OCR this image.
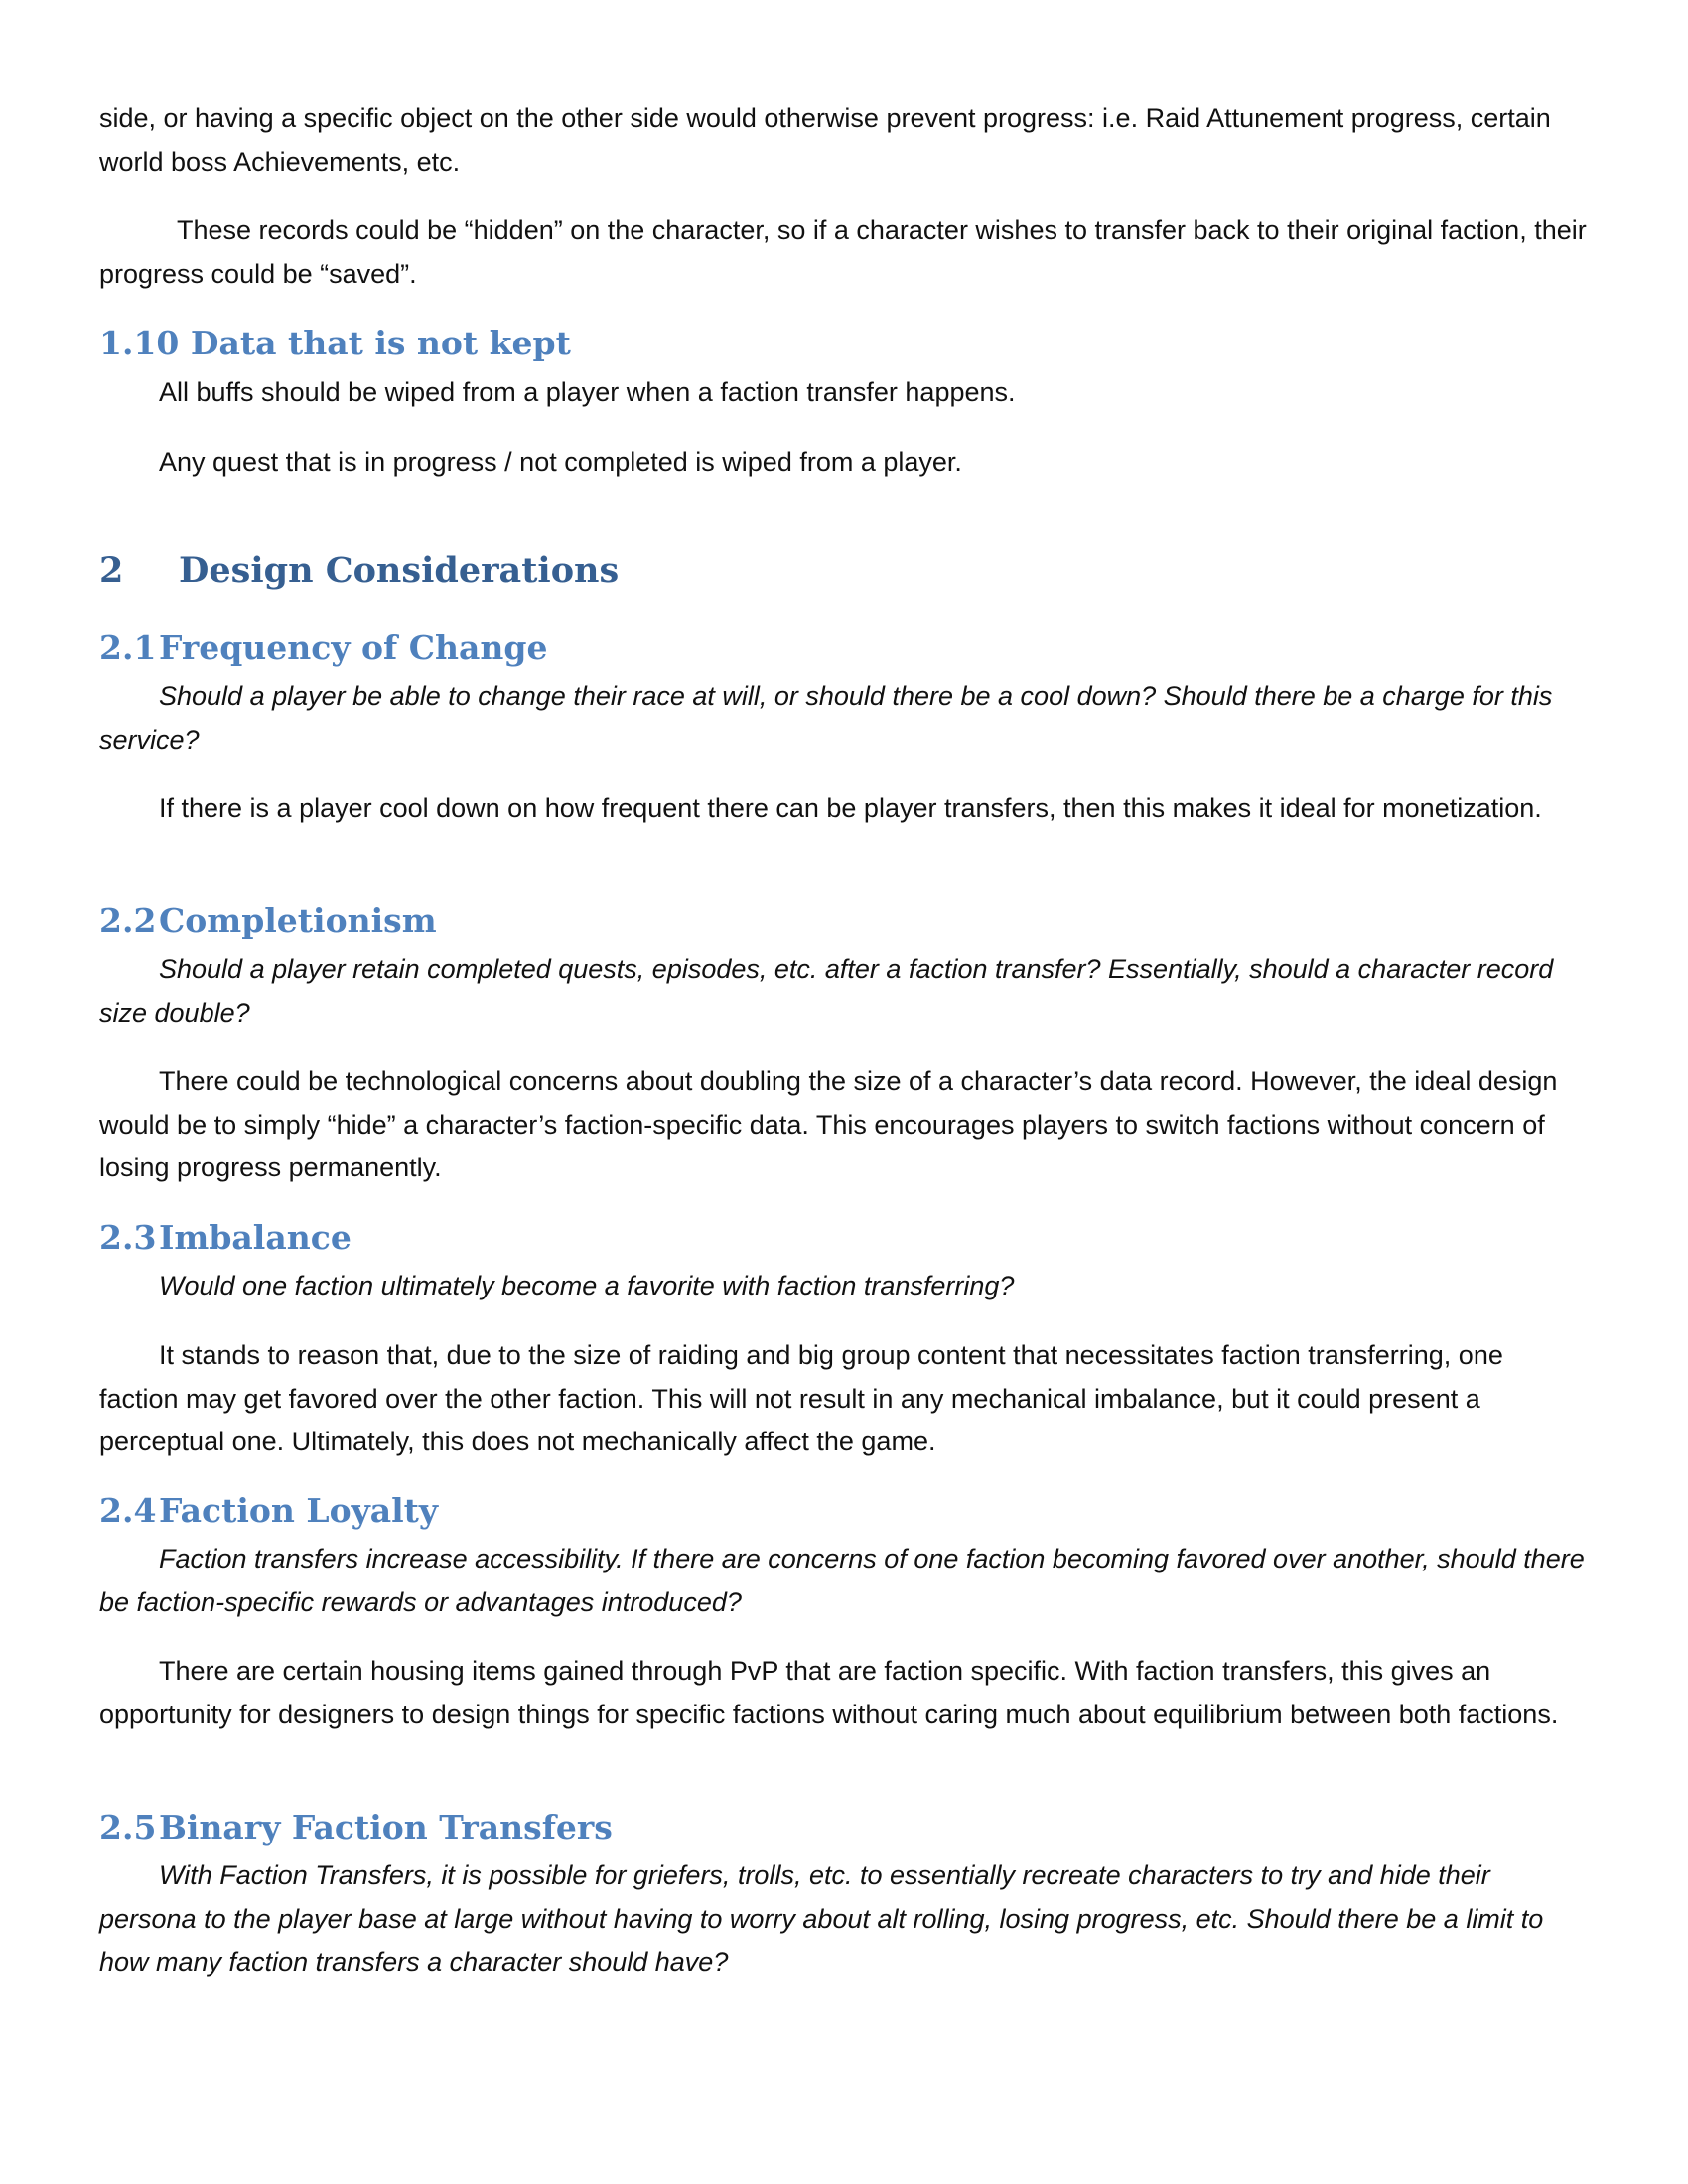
side, or having a specific object on the other side would otherwise prevent progress: i.e. Raid Attunement progress, certain world boss Achievements, etc.

These records could be “hidden” on the character, so if a character wishes to transfer back to their original faction, their progress could be “saved”.

1.10 Data that is not kept

All buffs should be wiped from a player when a faction transfer happens.

Any quest that is in progress / not completed is wiped from a player.

2 Design Considerations
2.1Frequency of Change

Should a player be able to change their race at will, or should there be a cool down? Should there be a charge for this service?

If there is a player cool down on how frequent there can be player transfers, then this makes it ideal for monetization.

2.2Completionism

Should a player retain completed quests, episodes, etc. after a faction transfer? Essentially, should a character record size double?

There could be technological concerns about doubling the size of a character’s data record. However, the ideal design would be to simply “hide” a character’s faction-specific data. This encourages players to switch factions without concern of losing progress permanently.

2.3Imbalance

Would one faction ultimately become a favorite with faction transferring?

It stands to reason that, due to the size of raiding and big group content that necessitates faction transferring, one faction may get favored over the other faction. This will not result in any mechanical imbalance, but it could present a perceptual one. Ultimately, this does not mechanically affect the game.

2.4Faction Loyalty

Faction transfers increase accessibility. If there are concerns of one faction becoming favored over another, should there be faction-specific rewards or advantages introduced?

There are certain housing items gained through PvP that are faction specific. With faction transfers, this gives an opportunity for designers to design things for specific factions without caring much about equilibrium between both factions.

2.5Binary Faction Transfers

With Faction Transfers, it is possible for griefers, trolls, etc. to essentially recreate characters to try and hide their persona to the player base at large without having to worry about alt rolling, losing progress, etc. Should there be a limit to how many faction transfers a character should have?
